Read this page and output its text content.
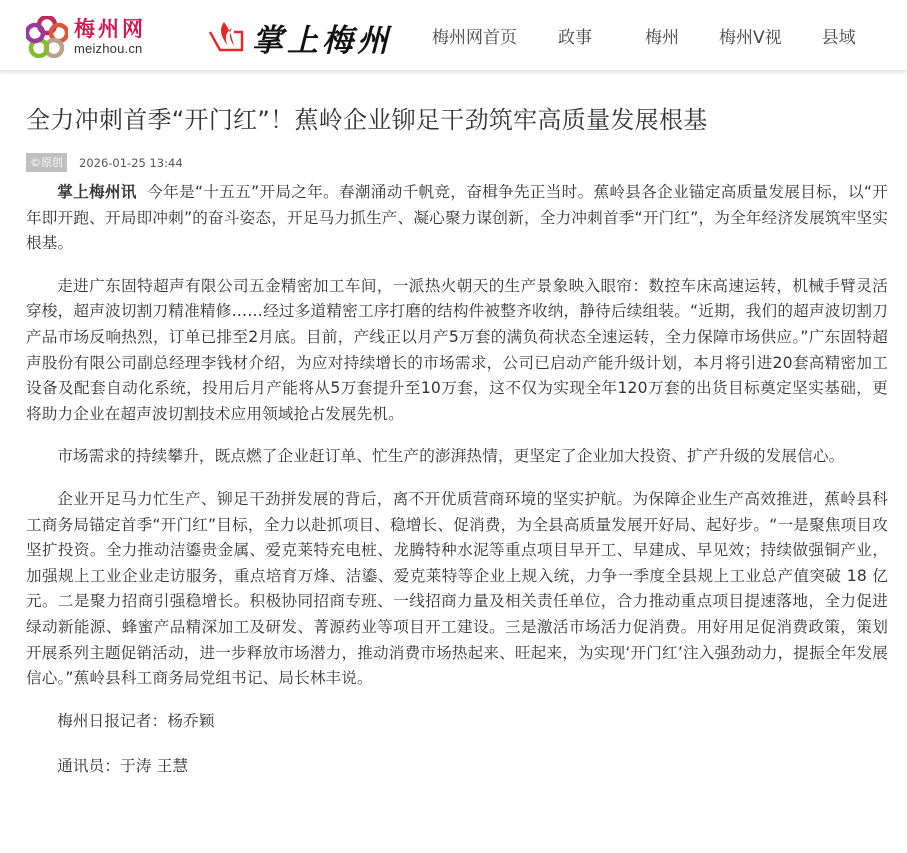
梅州网
meizhou.cn	掌上梅州 梅州网首页 政事	梅州 梅州V视 县域
全力冲刺首季“开门红”！蕉岭企业铆足干劲筑牢高质量发展根基
©原创	2026-01-25 13:44

掌上梅州讯 今年是“十五五”开局之年。春潮涌动千帆竞，奋楫争先正当时。蕉岭县各企业锚定高质量发展目标，以“开年即开跑、开局即冲刺”的奋斗姿态，开足马力抓生产、凝心聚力谋创新，全力冲刺首季“开门红”，为全年经济发展筑牢坚实根基。

走进广东固特超声有限公司五金精密加工车间，一派热火朝天的生产景象映入眼帘：数控车床高速运转，机械手臂灵活穿梭，超声波切割刀精准精修……经过多道精密工序打磨的结构件被整齐收纳，静待后续组装。“近期，我们的超声波切割刀产品市场反响热烈，订单已排至2月底。目前，产线正以月产5万套的满负荷状态全速运转，全力保障市场供应。”广东固特超声股份有限公司副总经理李钱材介绍，为应对持续增长的市场需求，公司已启动产能升级计划，本月将引进20套高精密加工设备及配套自动化系统，投用后月产能将从5万套提升至10万套，这不仅为实现全年120万套的出货目标奠定坚实基础，更将助力企业在超声波切割技术应用领域抢占发展先机。

市场需求的持续攀升，既点燃了企业赶订单、忙生产的澎湃热情，更坚定了企业加大投资、扩产升级的发展信心。

企业开足马力忙生产、铆足干劲拼发展的背后，离不开优质营商环境的坚实护航。为保障企业生产高效推进，蕉岭县科工商务局锚定首季“开门红”目标，全力以赴抓项目、稳增长、促消费，为全县高质量发展开好局、起好步。“一是聚焦项目攻坚扩投资。全力推动洁鎏贵金属、爱克莱特充电桩、龙腾特种水泥等重点项目早开工、早建成、早见效；持续做强铜产业，加强规上工业企业走访服务，重点培育万烽、洁鎏、爱克莱特等企业上规入统，力争一季度全县规上工业总产值突破 18 亿元。二是聚力招商引强稳增长。积极协同招商专班、一线招商力量及相关责任单位，合力推动重点项目提速落地，全力促进绿动新能源、蜂蜜产品精深加工及研发、菁源药业等项目开工建设。三是激活市场活力促消费。用好用足促消费政策，策划开展系列主题促销活动，进一步释放市场潜力，推动消费市场热起来、旺起来，为实现‘开门红’注入强劲动力，提振全年发展信心。”蕉岭县科工商务局党组书记、局长林丰说。

梅州日报记者：杨乔颖

通讯员：于涛 王慧
